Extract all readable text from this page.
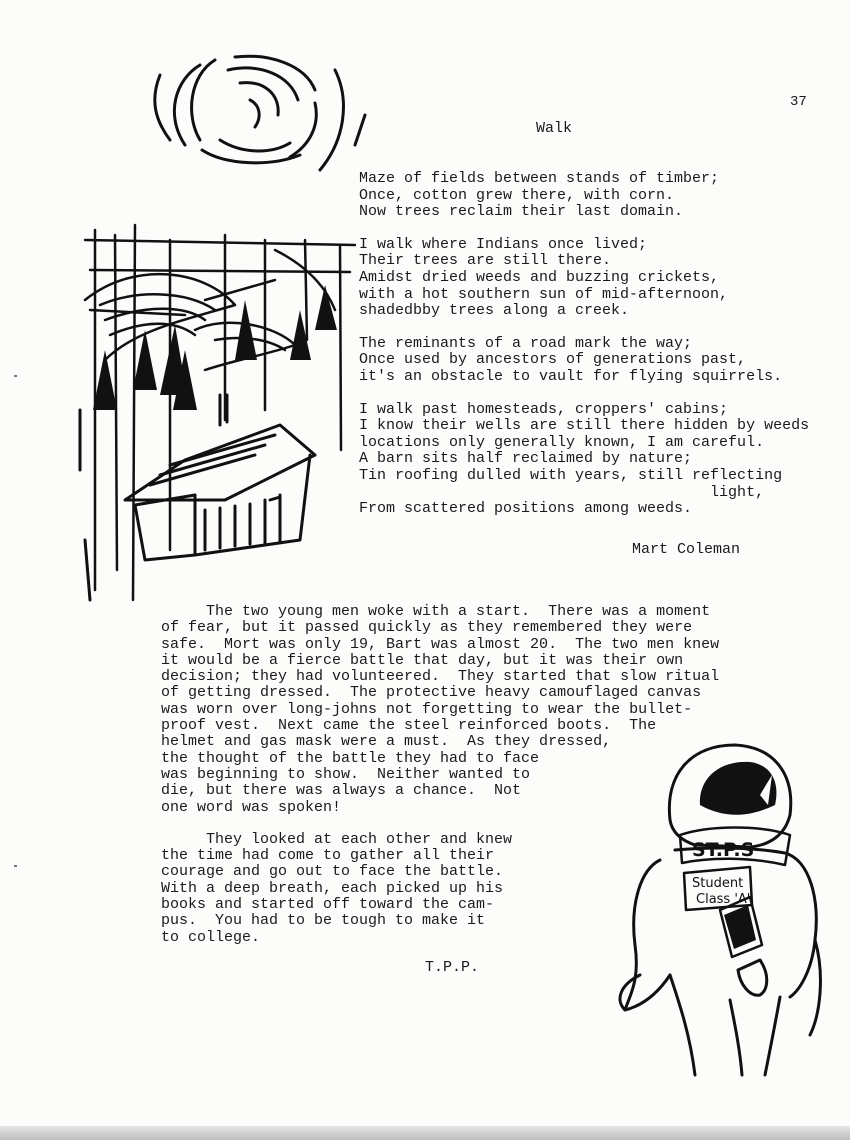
37
Walk
Maze of fields between stands of timber;
Once, cotton grew there, with corn.
Now trees reclaim their last domain.
I walk where Indians once lived;
Their trees are still there.
Amidst dried weeds and buzzing crickets,
with a hot southern sun of mid-afternoon,
shadedbby trees along a creek.
The reminants of a road mark the way;
Once used by ancestors of generations past,
it's an obstacle to vault for flying squirrels.
I walk past homesteads, croppers' cabins;
I know their wells are still there hidden by weeds
locations only generally known, I am careful.
A barn sits half reclaimed by nature;
Tin roofing dulled with years, still reflecting
light,
From scattered positions among weeds.
Mart Coleman

The two young men woke with a start.  There was a moment
of fear, but it passed quickly as they remembered they were
safe.  Mort was only 19, Bart was almost 20.  The two men knew
it would be a fierce battle that day, but it was their own
decision; they had volunteered.  They started that slow ritual
of getting dressed.  The protective heavy camouflaged canvas
was worn over long-johns not forgetting to wear the bullet-
proof vest.  Next came the steel reinforced boots.  The
helmet and gas mask were a must.  As they dressed,
the thought of the battle they had to face
was beginning to show.  Neither wanted to
die, but there was always a chance.  Not
one word was spoken!

They looked at each other and knew
the time had come to gather all their
courage and go out to face the battle.
With a deep breath, each picked up his
books and started off toward the cam-
pus.  You had to be tough to make it
to college.

T.P.P.
ST.P.S
Student
Class 'A'
